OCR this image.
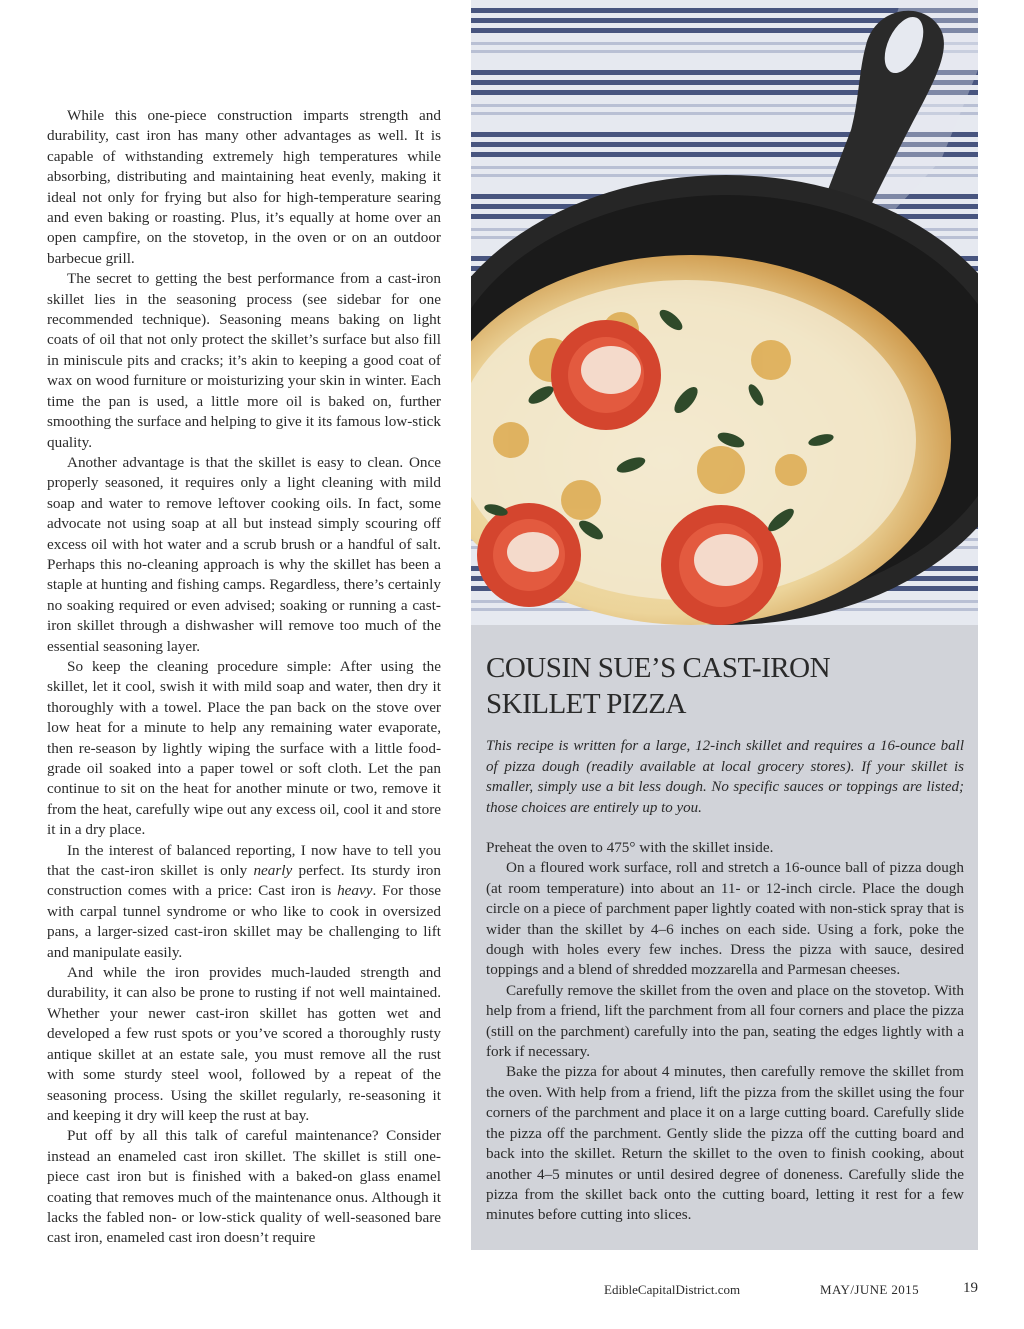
While this one-piece construction imparts strength and durability, cast iron has many other advantages as well. It is capable of withstanding extremely high temperatures while absorbing, distributing and maintaining heat evenly, making it ideal not only for frying but also for high-temperature searing and even baking or roasting. Plus, it’s equally at home over an open campfire, on the stovetop, in the oven or on an outdoor barbecue grill.

The secret to getting the best performance from a cast-iron skillet lies in the seasoning process (see sidebar for one recommended technique). Seasoning means baking on light coats of oil that not only protect the skillet’s surface but also fill in miniscule pits and cracks; it’s akin to keeping a good coat of wax on wood furniture or moisturizing your skin in winter. Each time the pan is used, a little more oil is baked on, further smoothing the surface and helping to give it its famous low-stick quality.

Another advantage is that the skillet is easy to clean. Once properly seasoned, it requires only a light cleaning with mild soap and water to remove leftover cooking oils. In fact, some advocate not using soap at all but instead simply scouring off excess oil with hot water and a scrub brush or a handful of salt. Perhaps this no-cleaning approach is why the skillet has been a staple at hunting and fishing camps. Regardless, there’s certainly no soaking required or even advised; soaking or running a cast-iron skillet through a dishwasher will remove too much of the essential seasoning layer.

So keep the cleaning procedure simple: After using the skillet, let it cool, swish it with mild soap and water, then dry it thoroughly with a towel. Place the pan back on the stove over low heat for a minute to help any remaining water evaporate, then re-season by lightly wiping the surface with a little food-grade oil soaked into a paper towel or soft cloth. Let the pan continue to sit on the heat for another minute or two, remove it from the heat, carefully wipe out any excess oil, cool it and store it in a dry place.

In the interest of balanced reporting, I now have to tell you that the cast-iron skillet is only nearly perfect. Its sturdy iron construction comes with a price: Cast iron is heavy. For those with carpal tunnel syndrome or who like to cook in oversized pans, a larger-sized cast-iron skillet may be challenging to lift and manipulate easily.

And while the iron provides much-lauded strength and durability, it can also be prone to rusting if not well maintained. Whether your newer cast-iron skillet has gotten wet and developed a few rust spots or you’ve scored a thoroughly rusty antique skillet at an estate sale, you must remove all the rust with some sturdy steel wool, followed by a repeat of the seasoning process. Using the skillet regularly, re-seasoning it and keeping it dry will keep the rust at bay.

Put off by all this talk of careful maintenance? Consider instead an enameled cast iron skillet. The skillet is still one-piece cast iron but is finished with a baked-on glass enamel coating that removes much of the maintenance onus. Although it lacks the fabled non- or low-stick quality of well-seasoned bare cast iron, enameled cast iron doesn’t require

COUSIN SUE’S CAST-IRON SKILLET PIZZA

This recipe is written for a large, 12-inch skillet and requires a 16-ounce ball of pizza dough (readily available at local grocery stores). If your skillet is smaller, simply use a bit less dough. No specific sauces or toppings are listed; those choices are entirely up to you.

Preheat the oven to 475° with the skillet inside.

On a floured work surface, roll and stretch a 16-ounce ball of pizza dough (at room temperature) into about an 11- or 12-inch circle. Place the dough circle on a piece of parchment paper lightly coated with non-stick spray that is wider than the skillet by 4–6 inches on each side. Using a fork, poke the dough with holes every few inches. Dress the pizza with sauce, desired toppings and a blend of shredded mozzarella and Parmesan cheeses.

Carefully remove the skillet from the oven and place on the stovetop. With help from a friend, lift the parchment from all four corners and place the pizza (still on the parchment) carefully into the pan, seating the edges lightly with a fork if necessary.

Bake the pizza for about 4 minutes, then carefully remove the skillet from the oven. With help from a friend, lift the pizza from the skillet using the four corners of the parchment and place it on a large cutting board. Carefully slide the pizza off the parchment. Gently slide the pizza off the cutting board and back into the skillet. Return the skillet to the oven to finish cooking, about another 4–5 minutes or until desired degree of doneness. Carefully slide the pizza from the skillet back onto the cutting board, letting it rest for a few minutes before cutting into slices.

EdibleCapitalDistrict.com	MAY/JUNE 2015	19
